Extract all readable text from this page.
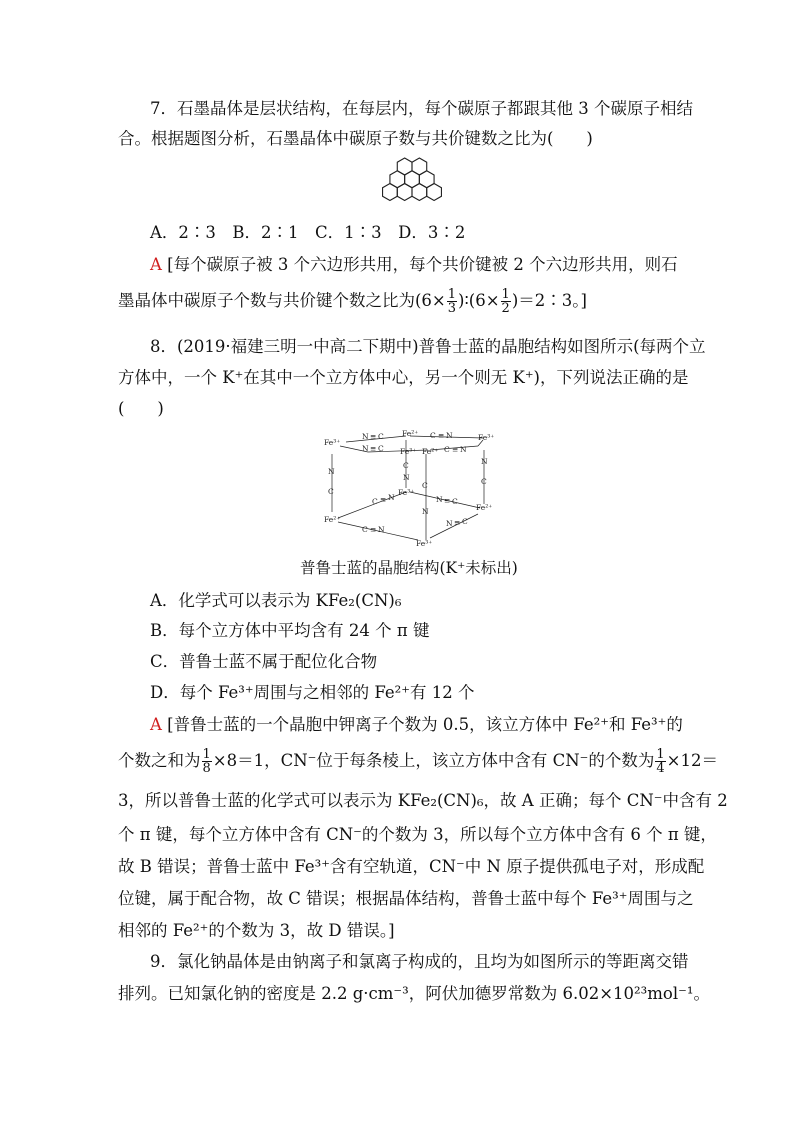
7．石墨晶体是层状结构，在每层内，每个碳原子都跟其他 3 个碳原子相结
合。根据题图分析，石墨晶体中碳原子数与共价键数之比为(　　)
A．2∶3　B．2∶1　C．1∶3　D．3∶2
A [每个碳原子被 3 个六边形共用，每个共价键被 2 个六边形共用，则石
墨晶体中碳原子个数与共价键个数之比为($6\times \frac{1}{3}$ )∶(6× $\frac{1}{2}$ )＝2∶3。]
8．(2019·福建三明一中高二下期中)普鲁士蓝的晶胞结构如图所示(每两个立
方体中，一个 K⁺在其中一个立方体中心，另一个则无 K⁺)，下列说法正确的是
(　　)
Fe³⁺
N ≡ C Fe²⁺ C ≡ N	Fe³⁺
N ≡ C Fe³⁺ Fe²⁺ C ≡ N
N
C
N
C
C
N
C
N
C ≡ N
Fe³⁺
N ≡ C
Fe²⁺
Fe²⁺
C ≡ N
N ≡ C
Fe³⁺
普鲁士蓝的晶胞结构(K⁺未标出)
A．化学式可以表示为 KFe₂(CN)₆
B．每个立方体中平均含有 24 个 π 键
C．普鲁士蓝不属于配位化合物
D．每个 Fe³⁺周围与之相邻的 Fe²⁺有 12 个
A [普鲁士蓝的一个晶胞中钾离子个数为 0.5，该立方体中 Fe²⁺和 Fe³⁺的
个数之和为 $\frac{1}{8} \times 8=1$，CN⁻位于每条棱上，该立方体中含有 CN⁻的个数为 $\frac{1}{4} \times 12=$
3，所以普鲁士蓝的化学式可以表示为 KFe₂(CN)₆，故 A 正确；每个 CN⁻中含有 2
个 π 键，每个立方体中含有 CN⁻的个数为 3，所以每个立方体中含有 6 个 π 键，
故 B 错误；普鲁士蓝中 Fe³⁺含有空轨道，CN⁻中 N 原子提供孤电子对，形成配
位键，属于配合物，故 C 错误；根据晶体结构，普鲁士蓝中每个 Fe³⁺周围与之
相邻的 Fe²⁺的个数为 3，故 D 错误。]
9．氯化钠晶体是由钠离子和氯离子构成的，且均为如图所示的等距离交错
排列。已知氯化钠的密度是 2.2 g·cm⁻³，阿伏加德罗常数为 6.02×10²³mol⁻¹。
